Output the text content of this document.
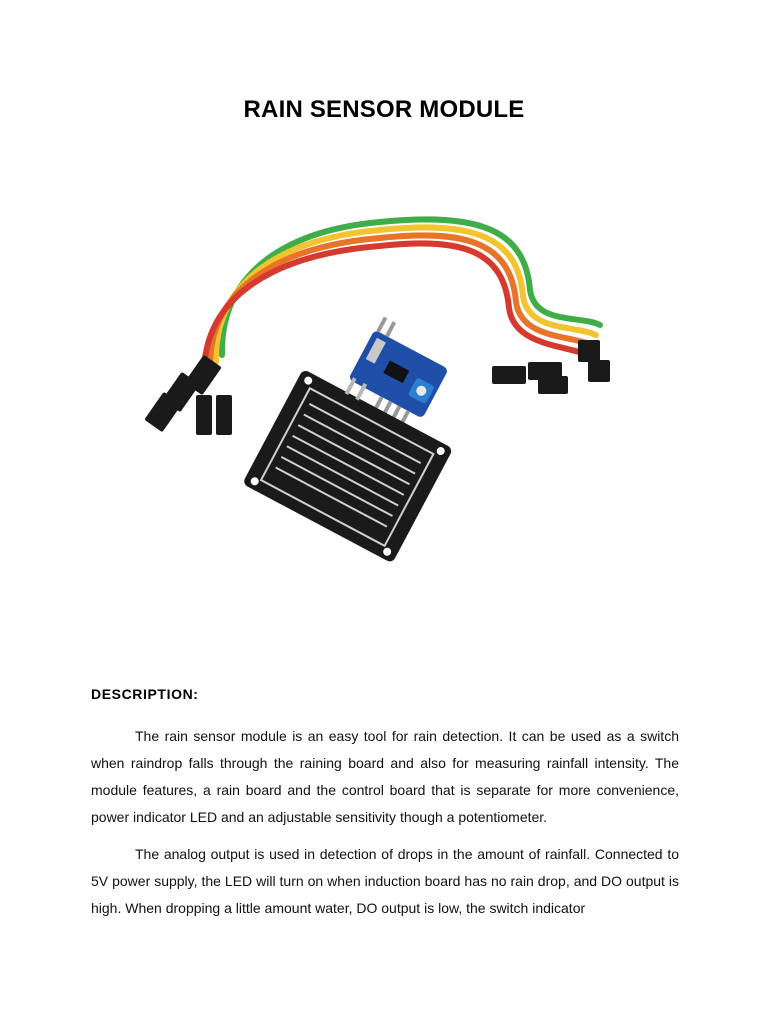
RAIN SENSOR MODULE
DESCRIPTION:

The rain sensor module is an easy tool for rain detection. It can be used as a switch when raindrop falls through the raining board and also for measuring rainfall intensity. The module features, a rain board and the control board that is separate for more convenience, power indicator LED and an adjustable sensitivity though a potentiometer.

The analog output is used in detection of drops in the amount of rainfall. Connected to 5V power supply, the LED will turn on when induction board has no rain drop, and DO output is high. When dropping a little amount water, DO output is low, the switch indicator
